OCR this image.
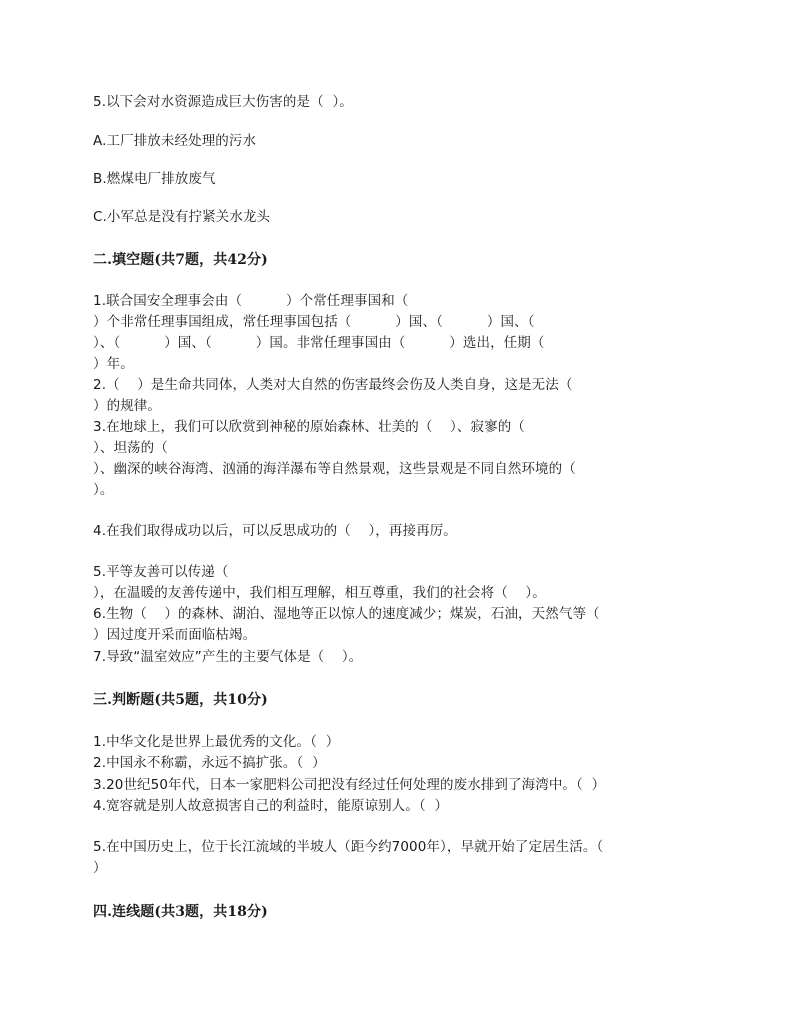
5.以下会对水资源造成巨大伤害的是（  ）。
A.工厂排放未经处理的污水
B.燃煤电厂排放废气
C.小军总是没有拧紧关水龙头
二.填空题(共7题，共42分)
1.联合国安全理事会由（          ）个常任理事国和（
）个非常任理事国组成，常任理事国包括（          ）国、（          ）国、（
）、（          ）国、（          ）国。非常任理事国由（          ）选出，任期（
）年。
2.（    ）是生命共同体，人类对大自然的伤害最终会伤及人类自身，这是无法（
）的规律。
3.在地球上，我们可以欣赏到神秘的原始森林、壮美的（    ）、寂寥的（
）、坦荡的（
）、幽深的峡谷海湾、汹涌的海洋瀑布等自然景观，这些景观是不同自然环境的（
）。
4.在我们取得成功以后，可以反思成功的（    ），再接再厉。
5.平等友善可以传递（
），在温暖的友善传递中，我们相互理解，相互尊重，我们的社会将（    ）。
6.生物（    ）的森林、湖泊、湿地等正以惊人的速度减少；煤炭，石油，天然气等（
）因过度开采而面临枯竭。
7.导致“温室效应”产生的主要气体是（    ）。
三.判断题(共5题，共10分)
1.中华文化是世界上最优秀的文化。（  ）
2.中国永不称霸，永远不搞扩张。（  ）
3.20世纪50年代，日本一家肥料公司把没有经过任何处理的废水排到了海湾中。（  ）
4.宽容就是别人故意损害自己的利益时，能原谅别人。（  ）
5.在中国历史上，位于长江流域的半坡人（距今约7000年），早就开始了定居生活。（
）
四.连线题(共3题，共18分)
